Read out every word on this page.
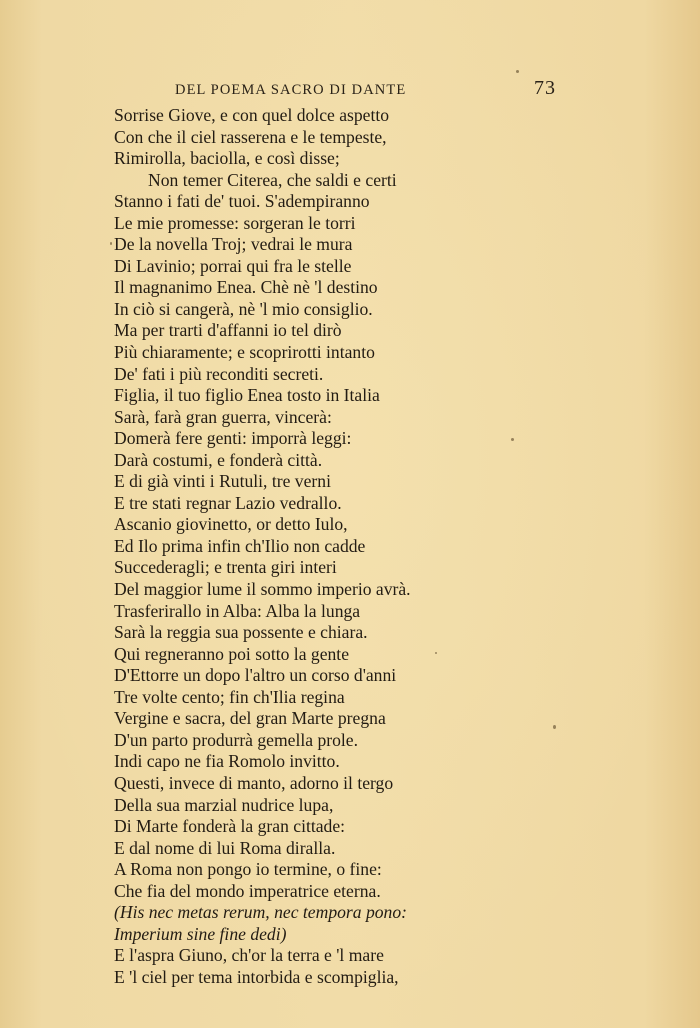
DEL POEMA SACRO DI DANTE	73
Sorrise Giove, e con quel dolce aspetto
Con che il ciel rasserena e le tempeste,
Rimirolla, baciolla, e così disse;
Non temer Citerea, che saldi e certi
Stanno i fati de' tuoi. S'adempiranno
Le mie promesse: sorgeran le torri
De la novella Troj; vedrai le mura
Di Lavinio; porrai qui fra le stelle
Il magnanimo Enea. Chè nè 'l destino
In ciò si cangerà, nè 'l mio consiglio.
Ma per trarti d'affanni io tel dirò
Più chiaramente; e scoprirotti intanto
De' fati i più reconditi secreti.
Figlia, il tuo figlio Enea tosto in Italia
Sarà, farà gran guerra, vincerà:
Domerà fere genti: imporrà leggi:
Darà costumi, e fonderà città.
E di già vinti i Rutuli, tre verni
E tre stati regnar Lazio vedrallo.
Ascanio giovinetto, or detto Iulo,
Ed Ilo prima infin ch'Ilio non cadde
Succederagli; e trenta giri interi
Del maggior lume il sommo imperio avrà.
Trasferirallo in Alba: Alba la lunga
Sarà la reggia sua possente e chiara.
Qui regneranno poi sotto la gente
D'Ettorre un dopo l'altro un corso d'anni
Tre volte cento; fin ch'Ilia regina
Vergine e sacra, del gran Marte pregna
D'un parto produrrà gemella prole.
Indi capo ne fia Romolo invitto.
Questi, invece di manto, adorno il tergo
Della sua marzial nudrice lupa,
Di Marte fonderà la gran cittade:
E dal nome di lui Roma diralla.
A Roma non pongo io termine, o fine:
Che fia del mondo imperatrice eterna.
(His nec metas rerum, nec tempora pono:
Imperium sine fine dedi)
E l'aspra Giuno, ch'or la terra e 'l mare
E 'l ciel per tema intorbida e scompiglia,
